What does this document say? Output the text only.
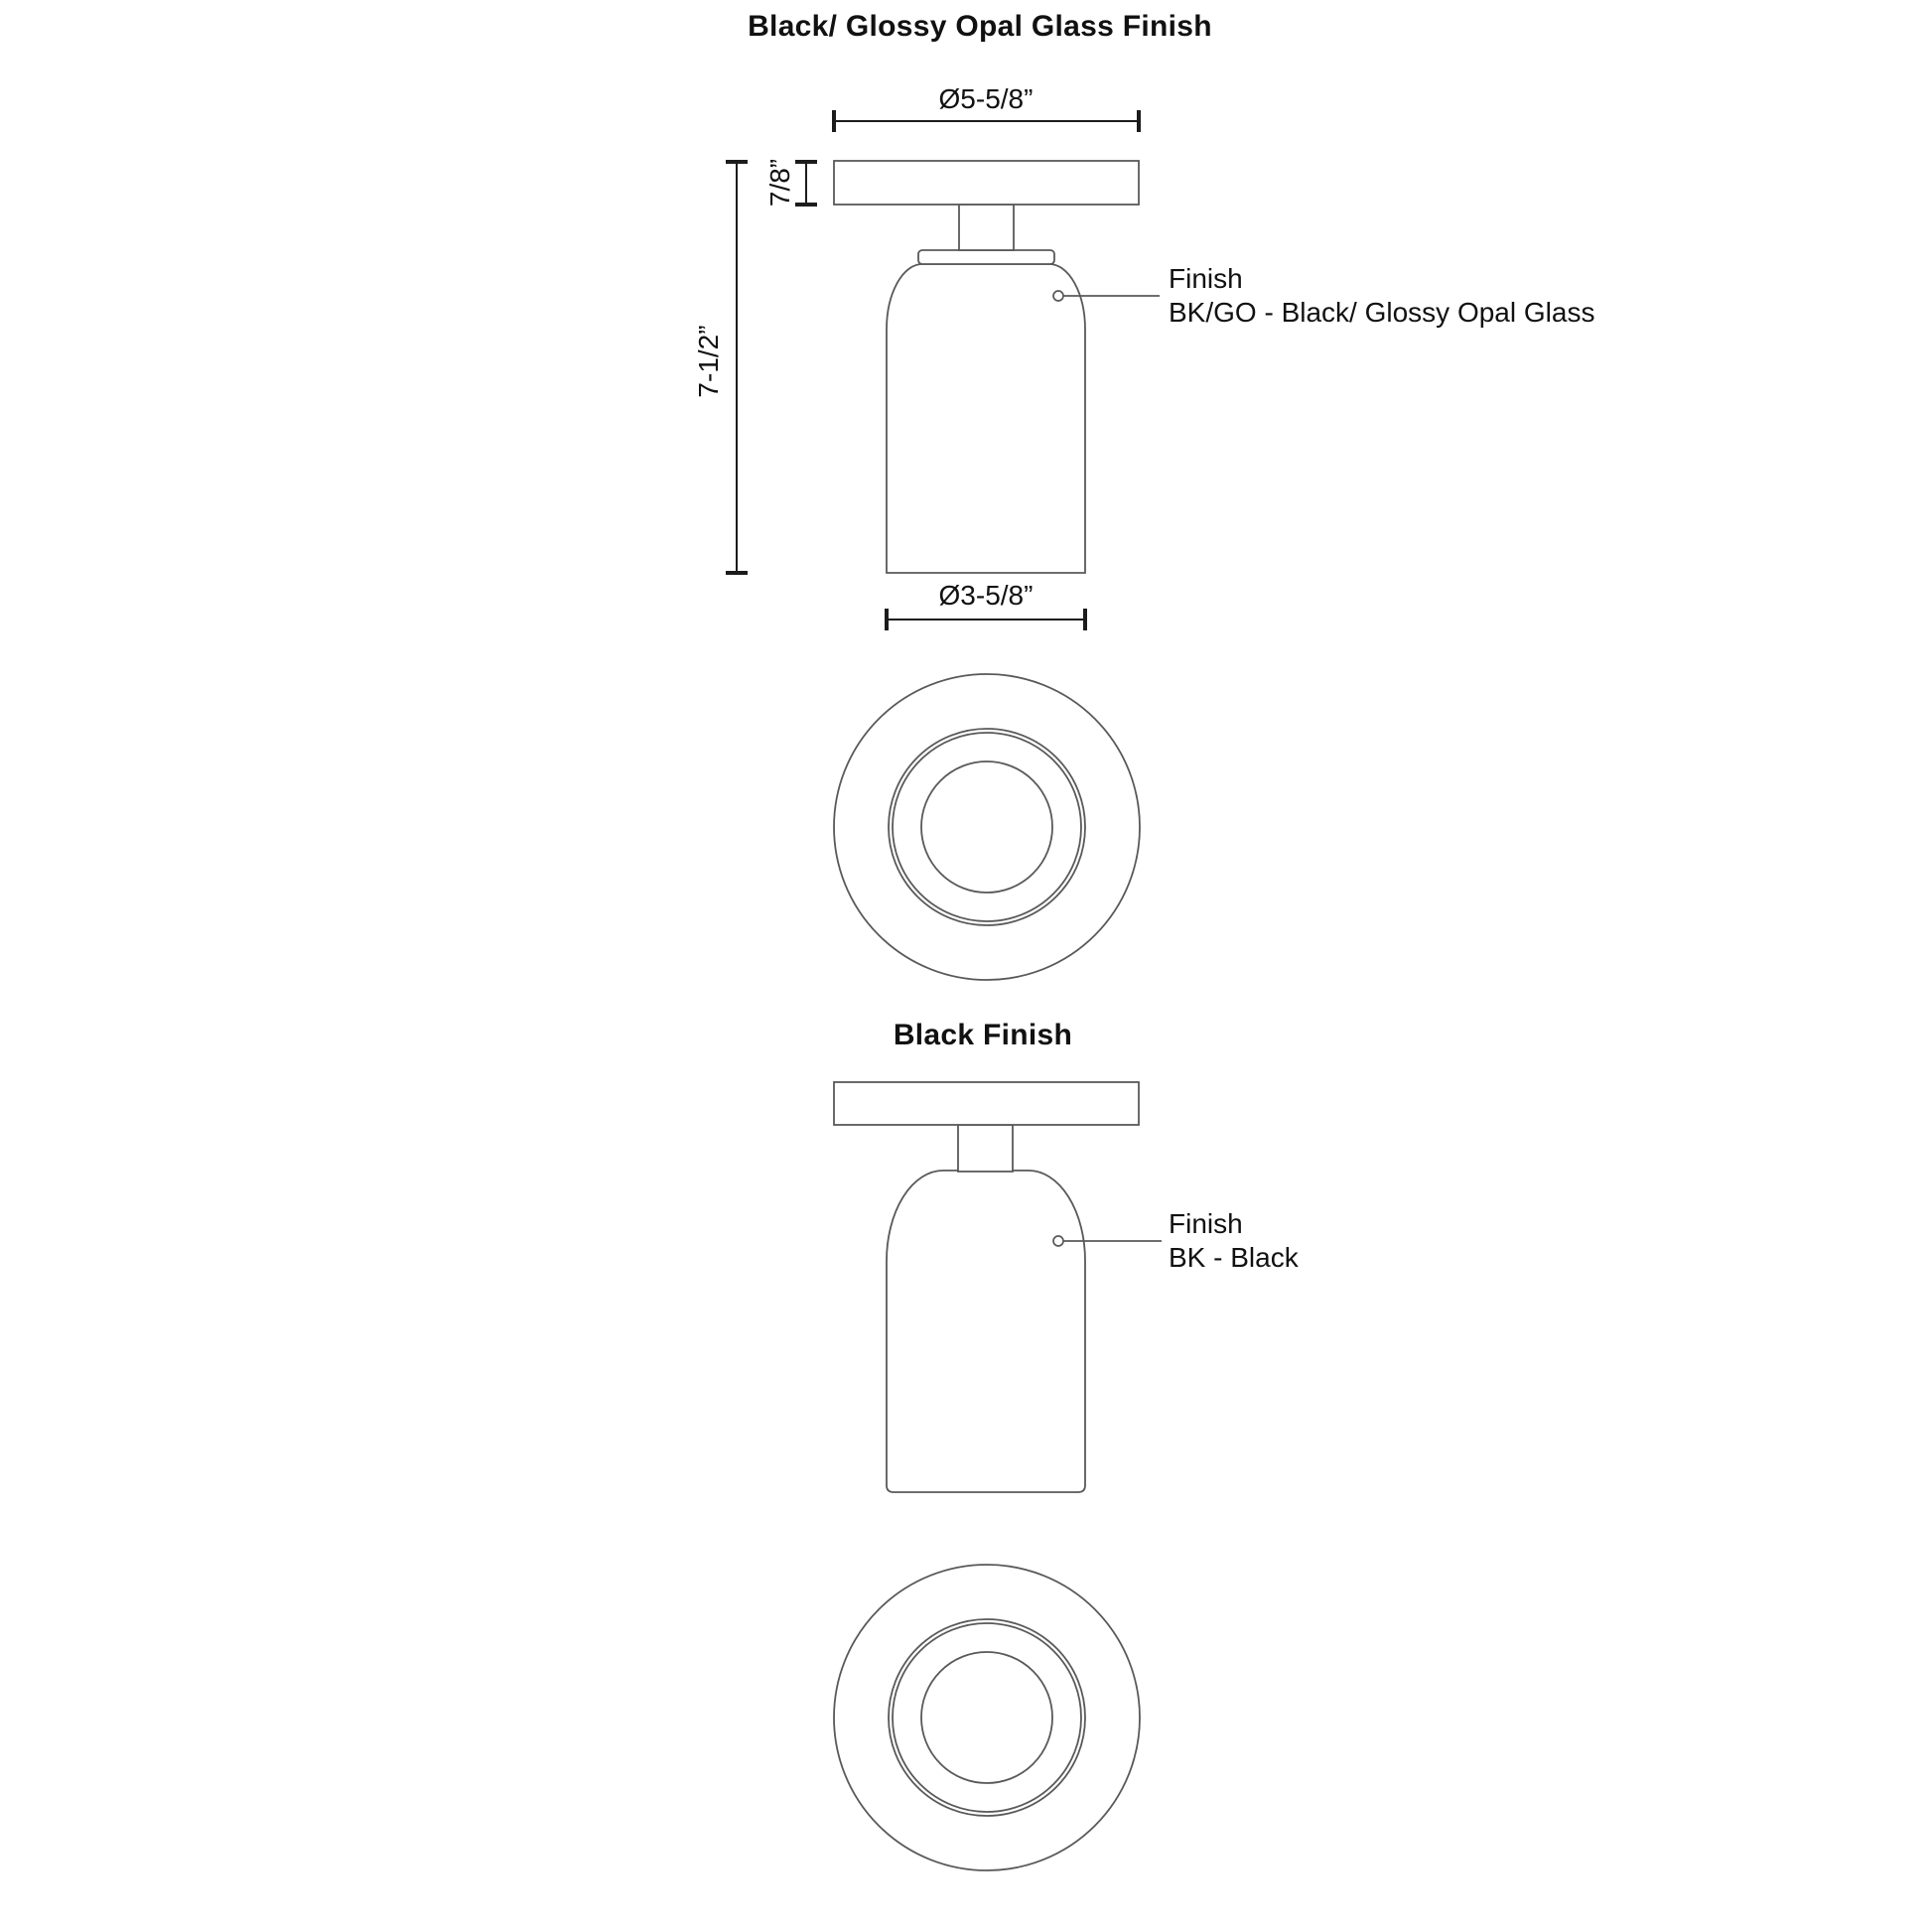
Black/ Glossy Opal Glass Finish
Ø5-5/8”
7/8”
7-1/2”
Ø3-5/8”
Finish
BK/GO - Black/ Glossy Opal Glass
Black Finish
Finish
BK - Black
